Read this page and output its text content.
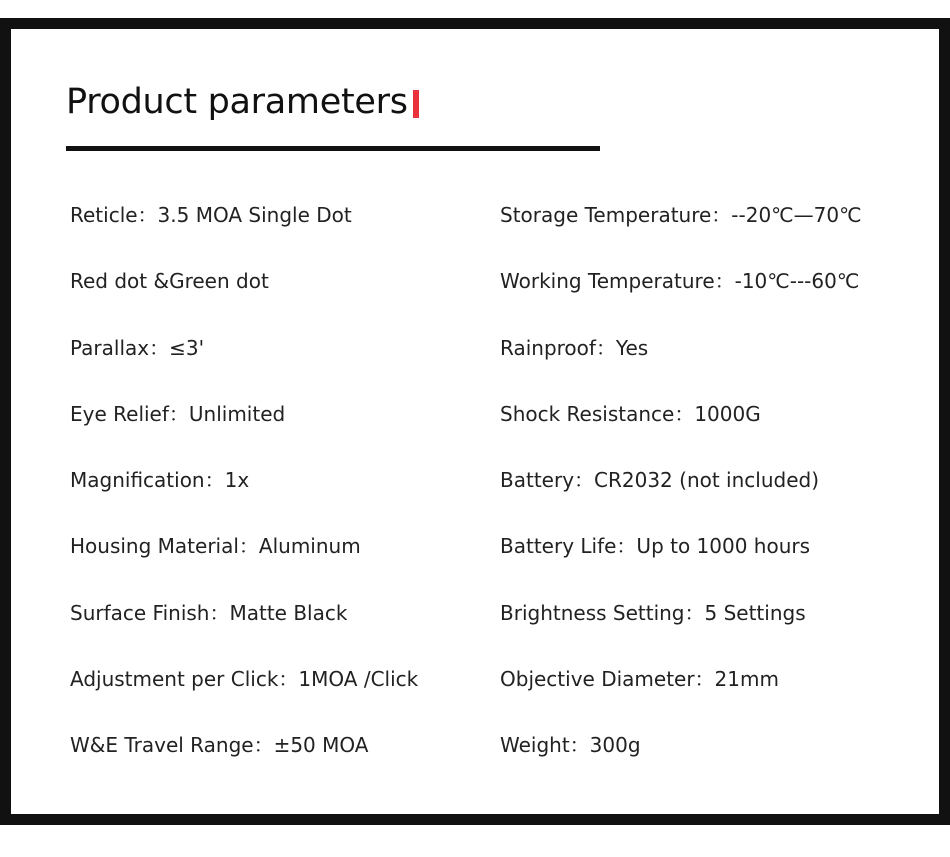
Product parameters
Reticle：3.5 MOA Single Dot	Storage Temperature：--20℃—70℃
Red dot &Green dot	Working Temperature：-10℃---60℃
Parallax：≤3'	Rainproof：Yes
Eye Relief：Unlimited	Shock Resistance：1000G
Magnification：1x	Battery：CR2032 (not included)
Housing Material：Aluminum	Battery Life：Up to 1000 hours
Surface Finish：Matte Black	Brightness Setting：5 Settings
Adjustment per Click：1MOA /Click	Objective Diameter：21mm
W&E Travel Range：±50 MOA	Weight：300g
